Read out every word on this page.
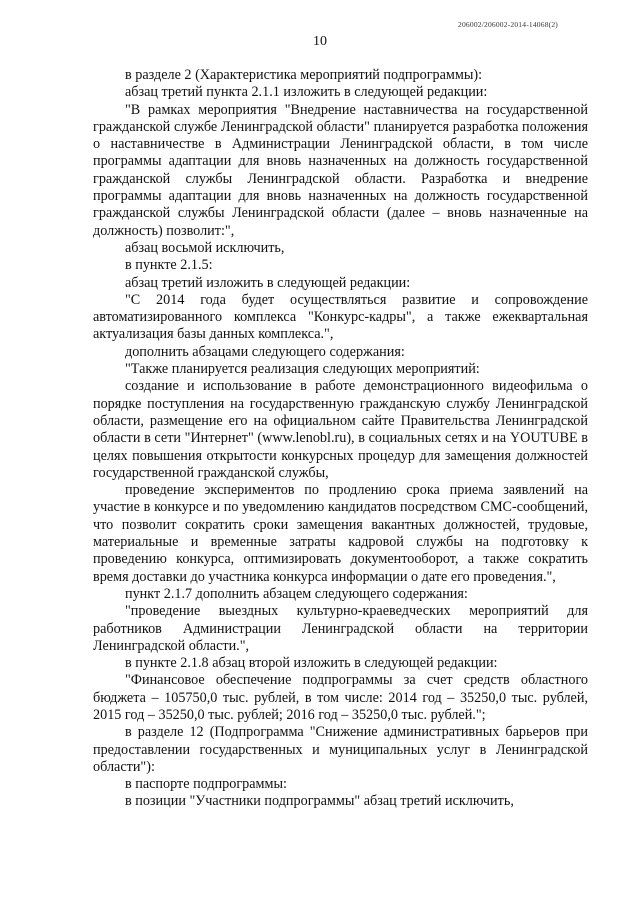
206002/206002-2014-14068(2)
10

в разделе 2 (Характеристика мероприятий подпрограммы):

абзац третий пункта 2.1.1 изложить в следующей редакции:

"В рамках мероприятия "Внедрение наставничества на государственной гражданской службе Ленинградской области" планируется разработка положения о наставничестве в Администрации Ленинградской области, в том числе программы адаптации для вновь назначенных на должность государственной гражданской службы Ленинградской области. Разработка и внедрение программы адаптации для вновь назначенных на должность государственной гражданской службы Ленинградской области (далее – вновь назначенные на должность) позволит:",

абзац восьмой исключить,

в пункте 2.1.5:

абзац третий изложить в следующей редакции:

"С 2014 года будет осуществляться развитие и сопровождение автоматизированного комплекса "Конкурс-кадры", а также ежеквартальная актуализация базы данных комплекса.",

дополнить абзацами следующего содержания:

"Также планируется реализация следующих мероприятий:

создание и использование в работе демонстрационного видеофильма о порядке поступления на государственную гражданскую службу Ленинградской области, размещение его на официальном сайте Правительства Ленинградской области в сети "Интернет" (www.lenobl.ru), в социальных сетях и на YOUTUBE в целях повышения открытости конкурсных процедур для замещения должностей государственной гражданской службы,

проведение экспериментов по продлению срока приема заявлений на участие в конкурсе и по уведомлению кандидатов посредством СМС-сообщений, что позволит сократить сроки замещения вакантных должностей, трудовые, материальные и временные затраты кадровой службы на подготовку к проведению конкурса, оптимизировать документооборот, а также сократить время доставки до участника конкурса информации о дате его проведения.",

пункт 2.1.7 дополнить абзацем следующего содержания:

"проведение выездных культурно-краеведческих мероприятий для работников Администрации Ленинградской области на территории Ленинградской области.",

в пункте 2.1.8 абзац второй изложить в следующей редакции:

"Финансовое обеспечение подпрограммы за счет средств областного бюджета – 105750,0 тыс. рублей, в том числе: 2014 год – 35250,0 тыс. рублей, 2015 год – 35250,0 тыс. рублей; 2016 год – 35250,0 тыс. рублей.";

в разделе 12 (Подпрограмма "Снижение административных барьеров при предоставлении государственных и муниципальных услуг в Ленинградской области"):

в паспорте подпрограммы:

в позиции "Участники подпрограммы" абзац третий исключить,
